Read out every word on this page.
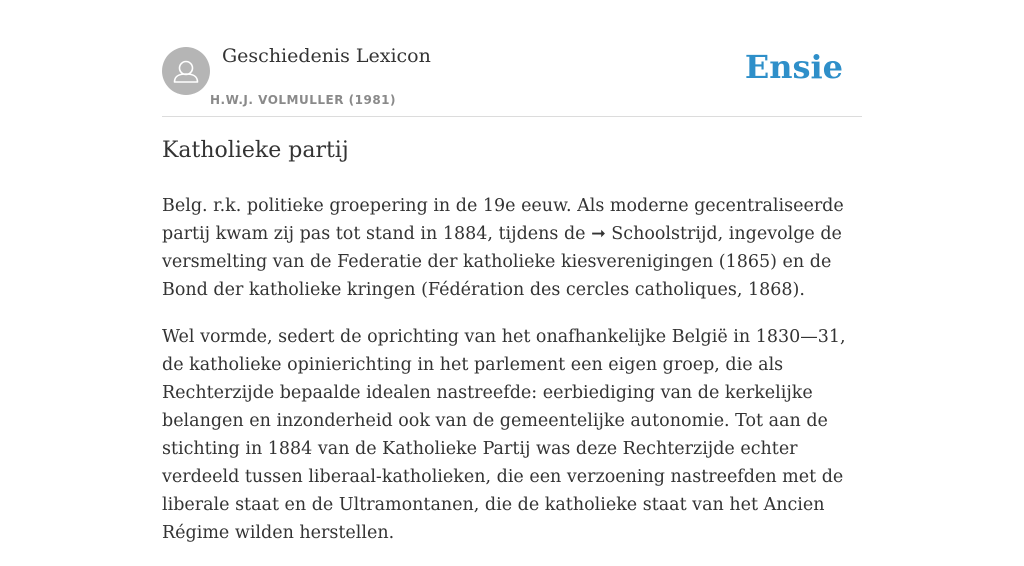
Geschiedenis Lexicon
H.W.J. VOLMULLER (1981)
Ensie
Katholieke partij

Belg. r.k. politieke groepering in de 19e eeuw. Als moderne gecentraliseerde partij kwam zij pas tot stand in 1884, tijdens de ➞ Schoolstrijd, ingevolge de versmelting van de Federatie der katholieke kiesverenigingen (1865) en de Bond der katholieke kringen (Fédération des cercles catholiques, 1868).

Wel vormde, sedert de oprichting van het onafhankelijke België in 1830—31, de katholieke opinierichting in het parlement een eigen groep, die als Rechterzijde bepaalde idealen nastreefde: eerbiediging van de kerkelijke belangen en inzonderheid ook van de gemeentelijke autonomie. Tot aan de stichting in 1884 van de Katholieke Partij was deze Rechterzijde echter verdeeld tussen liberaal-katholieken, die een verzoening nastreefden met de liberale staat en de Ultramontanen, die de katholieke staat van het Ancien Régime wilden herstellen.
